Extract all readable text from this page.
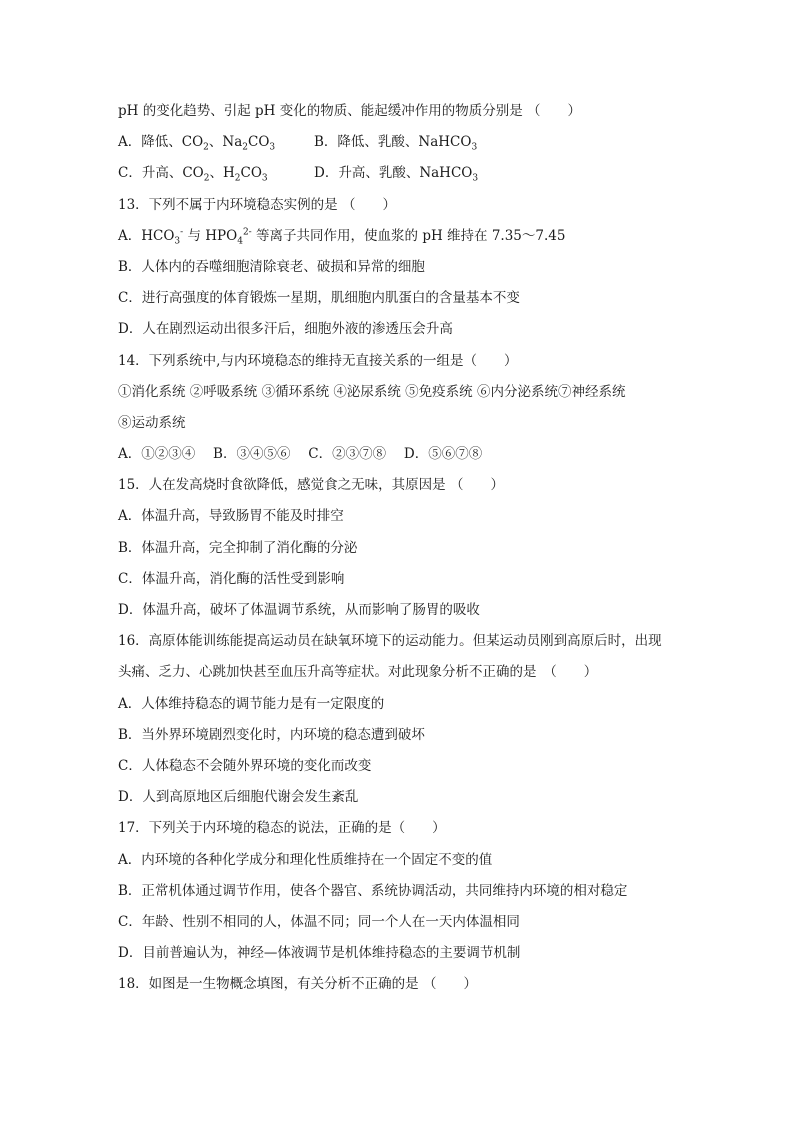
pH 的变化趋势、引起 pH 变化的物质、能起缓冲作用的物质分别是 （　　）
A．降低、$CO_2$、$Na_2CO_3$	B．降低、乳酸、NaHCO$_3$
C．升高、$CO_2$、$H_2CO_3$	D．升高、乳酸、NaHCO$_3$
13．下列不属于内环境稳态实例的是 （　　）
A．$HCO_3^-$ 与 $HPO_4^{2-}$ 等离子共同作用，使血浆的 pH 维持在 7.35～7.45
B．人体内的吞噬细胞清除衰老、破损和异常的细胞
C．进行高强度的体育锻炼一星期，肌细胞内肌蛋白的含量基本不变
D．人在剧烈运动出很多汗后，细胞外液的渗透压会升高
14．下列系统中,与内环境稳态的维持无直接关系的一组是（　　）
①消化系统 ②呼吸系统 ③循环系统 ④泌尿系统 ⑤免疫系统 ⑥内分泌系统⑦神经系统
⑧运动系统
A．①②③④　 B．③④⑤⑥　 C．②③⑦⑧　 D．⑤⑥⑦⑧
15．人在发高烧时食欲降低，感觉食之无味，其原因是 （　　）
A．体温升高，导致肠胃不能及时排空
B．体温升高，完全抑制了消化酶的分泌
C．体温升高，消化酶的活性受到影响
D．体温升高，破坏了体温调节系统，从而影响了肠胃的吸收
16．高原体能训练能提高运动员在缺氧环境下的运动能力。但某运动员刚到高原后时，出现
头痛、乏力、心跳加快甚至血压升高等症状。对此现象分析不正确的是　（　　）
A．人体维持稳态的调节能力是有一定限度的
B．当外界环境剧烈变化时，内环境的稳态遭到破坏
C．人体稳态不会随外界环境的变化而改变
D．人到高原地区后细胞代谢会发生紊乱
17．下列关于内环境的稳态的说法，正确的是（　　）
A．内环境的各种化学成分和理化性质维持在一个固定不变的值
B．正常机体通过调节作用，使各个器官、系统协调活动，共同维持内环境的相对稳定
C．年龄、性别不相同的人，体温不同；同一个人在一天内体温相同
D．目前普遍认为，神经—体液调节是机体维持稳态的主要调节机制
18．如图是一生物概念填图，有关分析不正确的是 （　　）
